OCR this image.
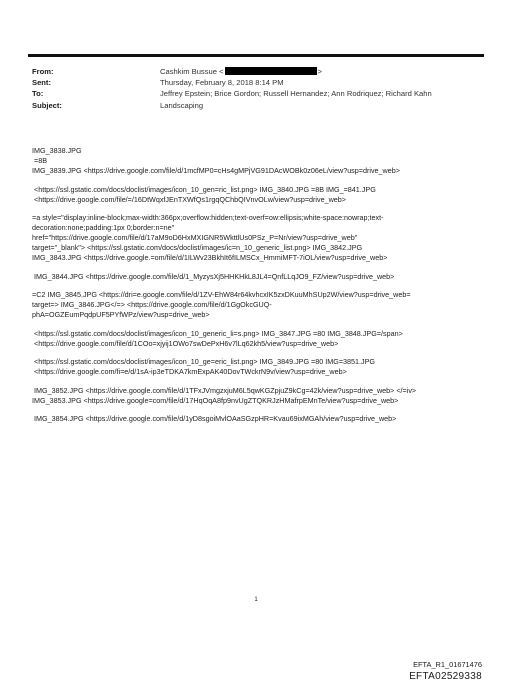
From:	Cashkim Bussue <	>
Sent:	Thursday, February 8, 2018 8:14 PM
To:	Jeffrey Epstein; Brice Gordon; Russell Hernandez; Ann Rodriquez; Richard Kahn
Subject:	Landscaping

IMG_3838.JPG
=8B
IMG_3839.JPG <https://drive.google.com/file/d/1mcfMP0=cHs4gMPjVG91DAcWOBk0z06eL/view?usp=drive_web>

<https://ssl.gstatic.com/docs/doclist/images/icon_10_gen=ric_list.png> IMG_3840.JPG =8B IMG_=841.JPG
<https://drive.google.com/file/=/16DtWqxfJEnTXWfQs1rgqQChbQIVnvOLw/view?usp=drive_web>

=a style="display:inline-block;max-width:366px;overflow:hidden;text-overf=ow:ellipsis;white-space:nowrap;text-
decoration:none;padding:1px 0;border:n=ne"
href="https://drive.google.com/file/d/17aM9oD6HxMXIGNR5WkttlUs0PSz_P=Nr/view?usp=drive_web"
target="_blank"> <https://ssl.gstatic.com/docs/doclist/images/ic=n_10_generic_list.png> IMG_3842.JPG
IMG_3843.JPG <https://drive.google.=om/file/d/1ILWv23BkhIt6fILMSCx_HmmiMFT-7iOL/view?usp=drive_web>

IMG_3844.JPG <https://drive.google.com/file/d/1_MyzysXj5HHKHkL8JL4=QnfLLqJO9_FZ/view?usp=drive_web>

=C2 IMG_3845.JPG <https://dri=e.google.com/file/d/1ZV-EhW84r64kvhcxIK5zxDKuuMhSUp2W/view?usp=drive_web=
target=> IMG_3846.JPG</=> <https://drive.google.com/file/d/1GgOkcGUQ-
phA=OGZEumPqdpUF5PYfWPz/view?usp=drive_web>

<https://ssl.gstatic.com/docs/doclist/images/icon_10_generic_li=s.png> IMG_3847.JPG =80 IMG_3848.JPG=/span>
<https://drive.google.com/file/d/1COo=xjyij1OWo7swDePxH6v7lLq62kh5/view?usp=drive_web>

<https://ssl.gstatic.com/docs/doclist/images/icon_10_ge=eric_list.png> IMG_3849.JPG =80 IMG=3851.JPG
<https://drive.google.com/fi=e/d/1sA-ip3eTDKA7kmExpAK40DovTWckrN9v/view?usp=drive_web>

IMG_3852.JPG <https://drive.google.com/file/d/1TFxJVmgzxjuM6L5qwKGZpjuZ9kCg=42k/view?usp=drive_web> </=iv>
IMG_3853.JPG <https://drive.google=com/file/d/17HqOqA8fp9nvUgZTQKRJzHMafrpEMnTe/view?usp=drive_web>

IMG_3854.JPG <https://drive.google.com/file/d/1yD8sgoiMvlOAaSGzpHR=Kvau69ixMGAh/view?usp=drive_web>

1
EFTA_R1_01671476
EFTA02529338
